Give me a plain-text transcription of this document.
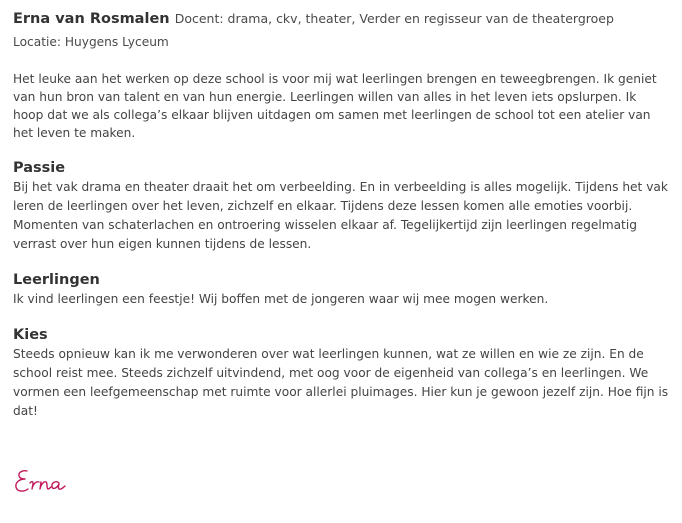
Erna van Rosmalen Docent: drama, ckv, theater, Verder en regisseur van de theatergroep

Locatie: Huygens Lyceum

Het leuke aan het werken op deze school is voor mij wat leerlingen brengen en teweegbrengen. Ik geniet van hun bron van talent en van hun energie. Leerlingen willen van alles in het leven iets opslurpen. Ik hoop dat we als collega’s elkaar blijven uitdagen om samen met leerlingen de school tot een atelier van het leven te maken.

Passie

Bij het vak drama en theater draait het om verbeelding. En in verbeelding is alles mogelijk. Tijdens het vak leren de leerlingen over het leven, zichzelf en elkaar. Tijdens deze lessen komen alle emoties voorbij. Momenten van schaterlachen en ontroering wisselen elkaar af. Tegelijkertijd zijn leerlingen regelmatig verrast over hun eigen kunnen tijdens de lessen.

Leerlingen

Ik vind leerlingen een feestje! Wij boffen met de jongeren waar wij mee mogen werken.

Kies

Steeds opnieuw kan ik me verwonderen over wat leerlingen kunnen, wat ze willen en wie ze zijn. En de school reist mee. Steeds zichzelf uitvindend, met oog voor de eigenheid van collega’s en leerlingen. We vormen een leefgemeenschap met ruimte voor allerlei pluimages. Hier kun je gewoon jezelf zijn. Hoe fijn is dat!
